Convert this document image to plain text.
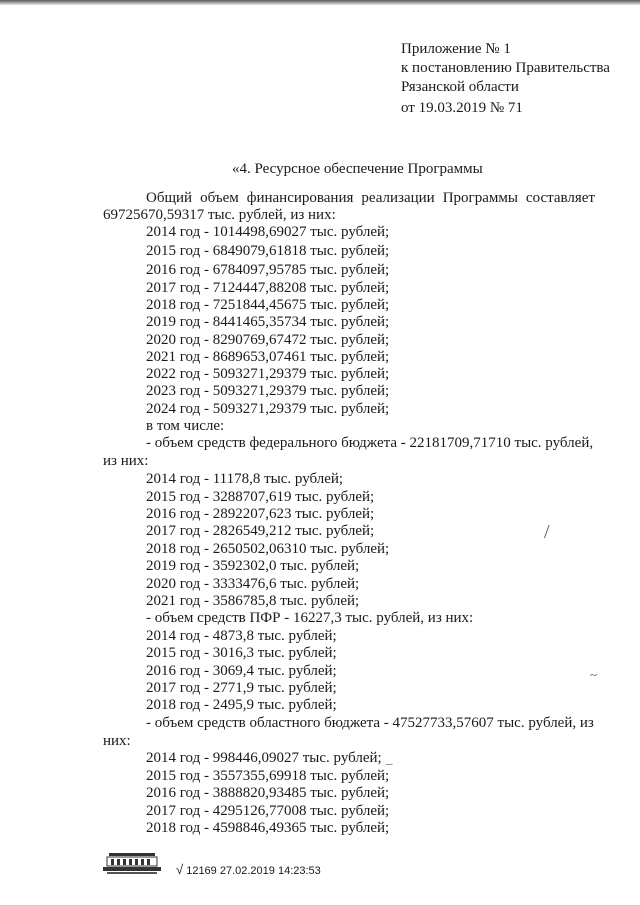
Приложение № 1
к постановлению Правительства
Рязанской области
от 19.03.2019 № 71
«4. Ресурсное обеспечение Программы
Общий объем финансирования реализации Программы составляет 69725670,59317 тыс. рублей, из них:
2014 год - 1014498,69027 тыс. рублей;
2015 год - 6849079,61818 тыс. рублей;
2016 год - 6784097,95785 тыс. рублей;
2017 год - 7124447,88208 тыс. рублей;
2018 год - 7251844,45675 тыс. рублей;
2019 год - 8441465,35734 тыс. рублей;
2020 год - 8290769,67472 тыс. рублей;
2021 год - 8689653,07461 тыс. рублей;
2022 год - 5093271,29379 тыс. рублей;
2023 год - 5093271,29379 тыс. рублей;
2024 год - 5093271,29379 тыс. рублей;
в том числе:
- объем средств федерального бюджета - 22181709,71710 тыс. рублей,
из них:
2014 год - 11178,8 тыс. рублей;
2015 год - 3288707,619 тыс. рублей;
2016 год - 2892207,623 тыс. рублей;
2017 год - 2826549,212 тыс. рублей;
2018 год - 2650502,06310 тыс. рублей;
2019 год - 3592302,0 тыс. рублей;
2020 год - 3333476,6 тыс. рублей;
2021 год - 3586785,8 тыс. рублей;
- объем средств ПФР - 16227,3 тыс. рублей, из них:
2014 год - 4873,8 тыс. рублей;
2015 год - 3016,3 тыс. рублей;
2016 год - 3069,4 тыс. рублей;
2017 год - 2771,9 тыс. рублей;
2018 год - 2495,9 тыс. рублей;
- объем средств областного бюджета - 47527733,57607 тыс. рублей, из
них:
2014 год - 998446,09027 тыс. рублей;
2015 год - 3557355,69918 тыс. рублей;
2016 год - 3888820,93485 тыс. рублей;
2017 год - 4295126,77008 тыс. рублей;
2018 год - 4598846,49365 тыс. рублей;
/
~
_
√ 12169 27.02.2019 14:23:53
